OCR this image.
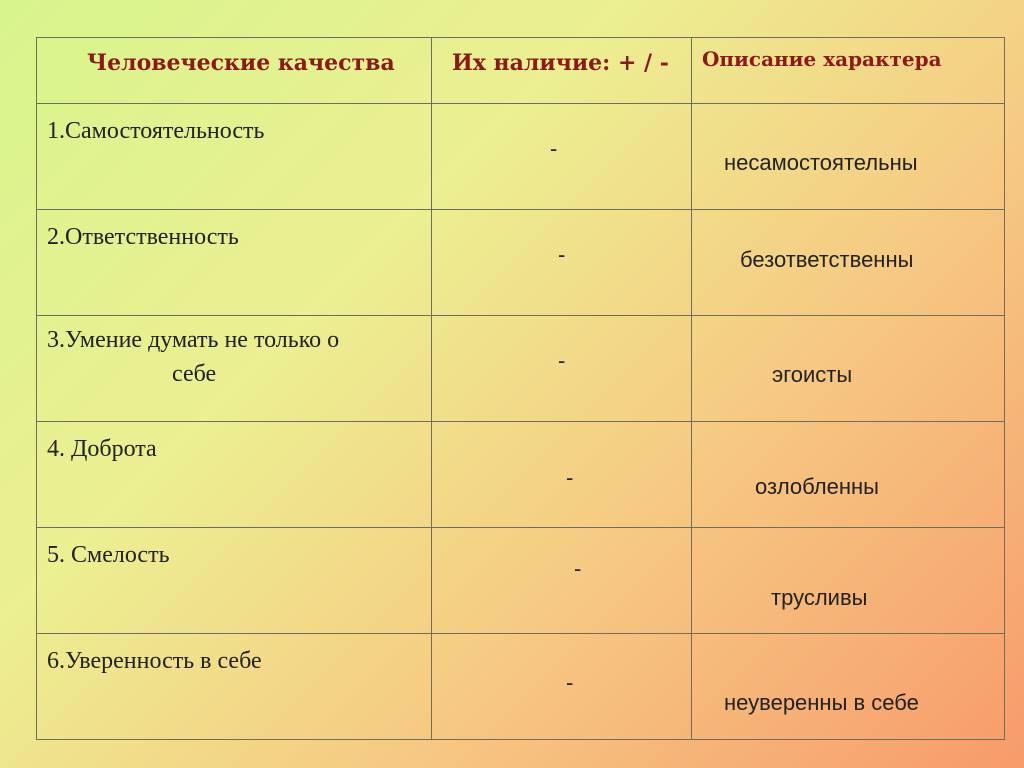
Человеческие качества	Их наличие: + / -	Описание характера

1.Самостоятельность	-	несамостоятельны

2.Ответственность	-	безответственны

3.Умение думать не только о
себе	-	эгоисты

4. Доброта	-	озлобленны

5. Смелость	-	трусливы

6.Уверенность в себе	-	неуверенны в себе
